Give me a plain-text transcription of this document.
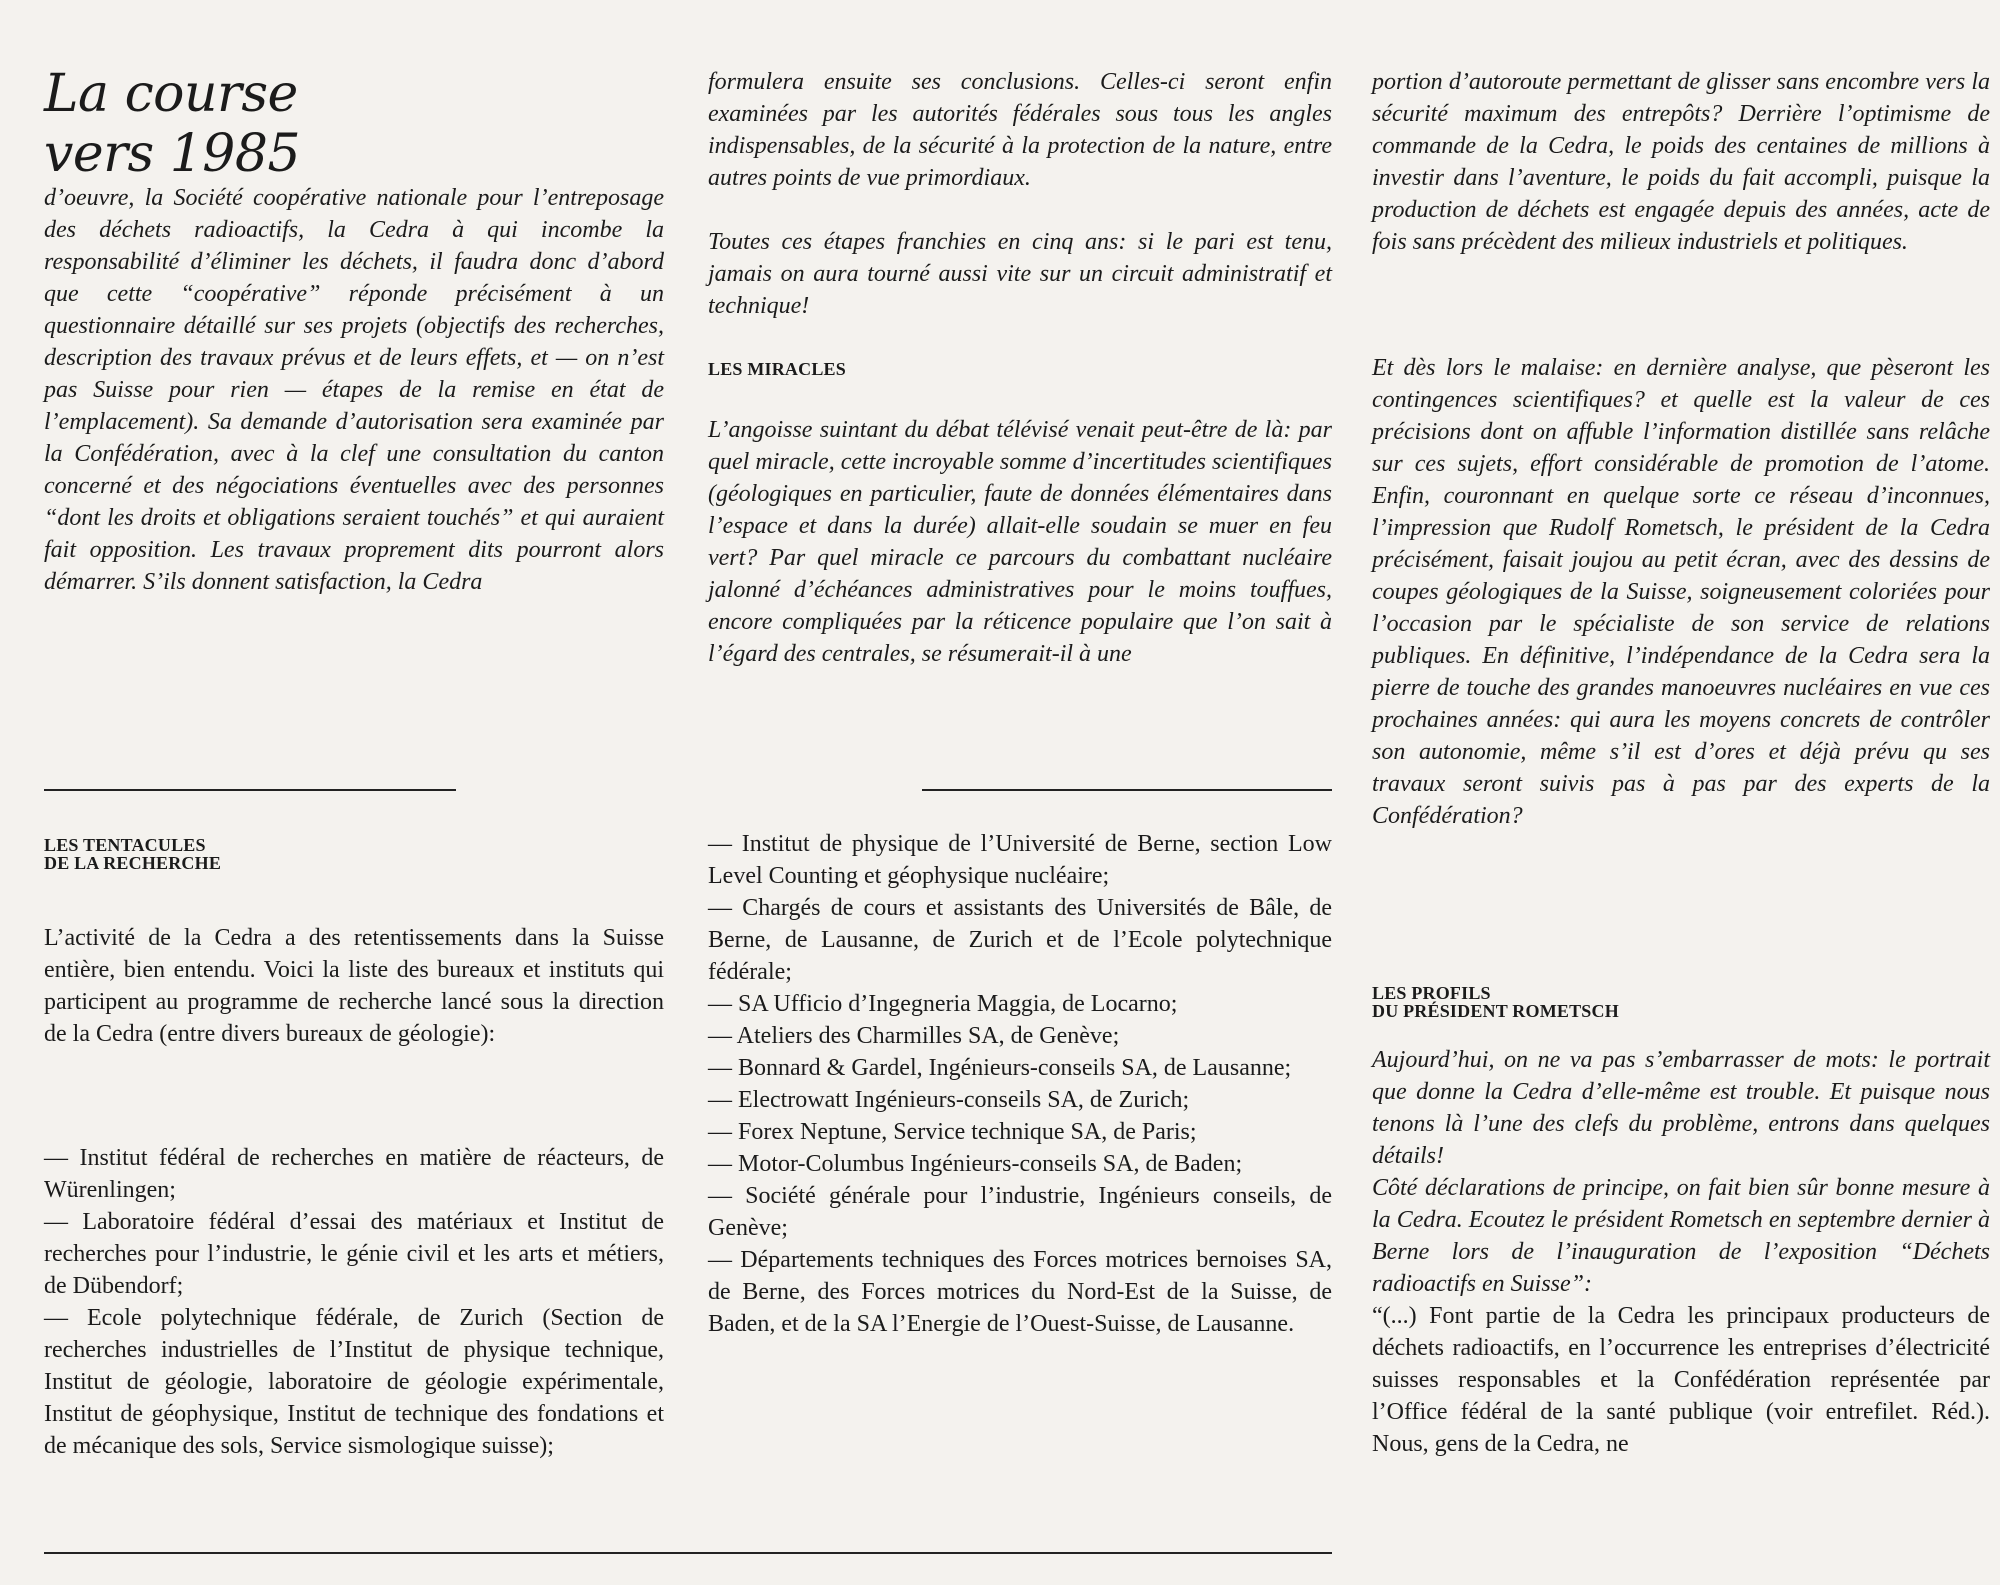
La course
vers 1985

d’oeuvre, la Société coopérative nationale pour l’entreposage des déchets radioactifs, la Cedra à qui incombe la responsabilité d’éliminer les déchets, il faudra donc d’abord que cette “coopérative” réponde précisément à un questionnaire détaillé sur ses projets (objectifs des recherches, description des travaux prévus et de leurs effets, et — on n’est pas Suisse pour rien — étapes de la remise en état de l’emplacement). Sa demande d’autorisation sera examinée par la Confédération, avec à la clef une consultation du canton concerné et des négociations éventuelles avec des personnes “dont les droits et obligations seraient touchés” et qui auraient fait opposition. Les travaux proprement dits pourront alors démarrer. S’ils donnent satisfaction, la Cedra

LES TENTACULES
DE LA RECHERCHE

L’activité de la Cedra a des retentissements dans la Suisse entière, bien entendu. Voici la liste des bureaux et instituts qui participent au programme de recherche lancé sous la direction de la Cedra (entre divers bureaux de géologie):

— Institut fédéral de recherches en matière de réacteurs, de Würenlingen;
— Laboratoire fédéral d’essai des matériaux et Institut de recherches pour l’industrie, le génie civil et les arts et métiers, de Dübendorf;
— Ecole polytechnique fédérale, de Zurich (Section de recherches industrielles de l’Institut de physique technique, Institut de géologie, laboratoire de géologie expérimentale, Institut de géophysique, Institut de technique des fondations et de mécanique des sols, Service sismologique suisse);

formulera ensuite ses conclusions. Celles-ci seront enfin examinées par les autorités fédérales sous tous les angles indispensables, de la sécurité à la protection de la nature, entre autres points de vue primordiaux.

Toutes ces étapes franchies en cinq ans: si le pari est tenu, jamais on aura tourné aussi vite sur un circuit administratif et technique!

LES MIRACLES

L’angoisse suintant du débat télévisé venait peut-être de là: par quel miracle, cette incroyable somme d’incertitudes scientifiques (géologiques en particulier, faute de données élémentaires dans l’espace et dans la durée) allait-elle soudain se muer en feu vert? Par quel miracle ce parcours du combattant nucléaire jalonné d’échéances administratives pour le moins touffues, encore compliquées par la réticence populaire que l’on sait à l’égard des centrales, se résumerait-il à une

— Institut de physique de l’Université de Berne, section Low Level Counting et géophysique nucléaire;
— Chargés de cours et assistants des Universités de Bâle, de Berne, de Lausanne, de Zurich et de l’Ecole polytechnique fédérale;
— SA Ufficio d’Ingegneria Maggia, de Locarno;
— Ateliers des Charmilles SA, de Genève;
— Bonnard & Gardel, Ingénieurs-conseils SA, de Lausanne;
— Electrowatt Ingénieurs-conseils SA, de Zurich;
— Forex Neptune, Service technique SA, de Paris;
— Motor-Columbus Ingénieurs-conseils SA, de Baden;
— Société générale pour l’industrie, Ingénieurs conseils, de Genève;
— Départements techniques des Forces motrices bernoises SA, de Berne, des Forces motrices du Nord-Est de la Suisse, de Baden, et de la SA l’Energie de l’Ouest-Suisse, de Lausanne.

portion d’autoroute permettant de glisser sans encombre vers la sécurité maximum des entrepôts? Derrière l’optimisme de commande de la Cedra, le poids des centaines de millions à investir dans l’aventure, le poids du fait accompli, puisque la production de déchets est engagée depuis des années, acte de fois sans précèdent des milieux industriels et politiques.

Et dès lors le malaise: en dernière analyse, que pèseront les contingences scientifiques? et quelle est la valeur de ces précisions dont on affuble l’information distillée sans relâche sur ces sujets, effort considérable de promotion de l’atome. Enfin, couronnant en quelque sorte ce réseau d’inconnues, l’impression que Rudolf Rometsch, le président de la Cedra précisément, faisait joujou au petit écran, avec des dessins de coupes géologiques de la Suisse, soigneusement coloriées pour l’occasion par le spécialiste de son service de relations publiques. En définitive, l’indépendance de la Cedra sera la pierre de touche des grandes manoeuvres nucléaires en vue ces prochaines années: qui aura les moyens concrets de contrôler son autonomie, même s’il est d’ores et déjà prévu qu ses travaux seront suivis pas à pas par des experts de la Confédération?

LES PROFILS
DU PRÉSIDENT ROMETSCH

Aujourd’hui, on ne va pas s’embarrasser de mots: le portrait que donne la Cedra d’elle-même est trouble. Et puisque nous tenons là l’une des clefs du problème, entrons dans quelques détails!

Côté déclarations de principe, on fait bien sûr bonne mesure à la Cedra. Ecoutez le président Rometsch en septembre dernier à Berne lors de l’inauguration de l’exposition “Déchets radioactifs en Suisse”:

“(...) Font partie de la Cedra les principaux producteurs de déchets radioactifs, en l’occurrence les entreprises d’électricité suisses responsables et la Confédération représentée par l’Office fédéral de la santé publique (voir entrefilet. Réd.). Nous, gens de la Cedra, ne
